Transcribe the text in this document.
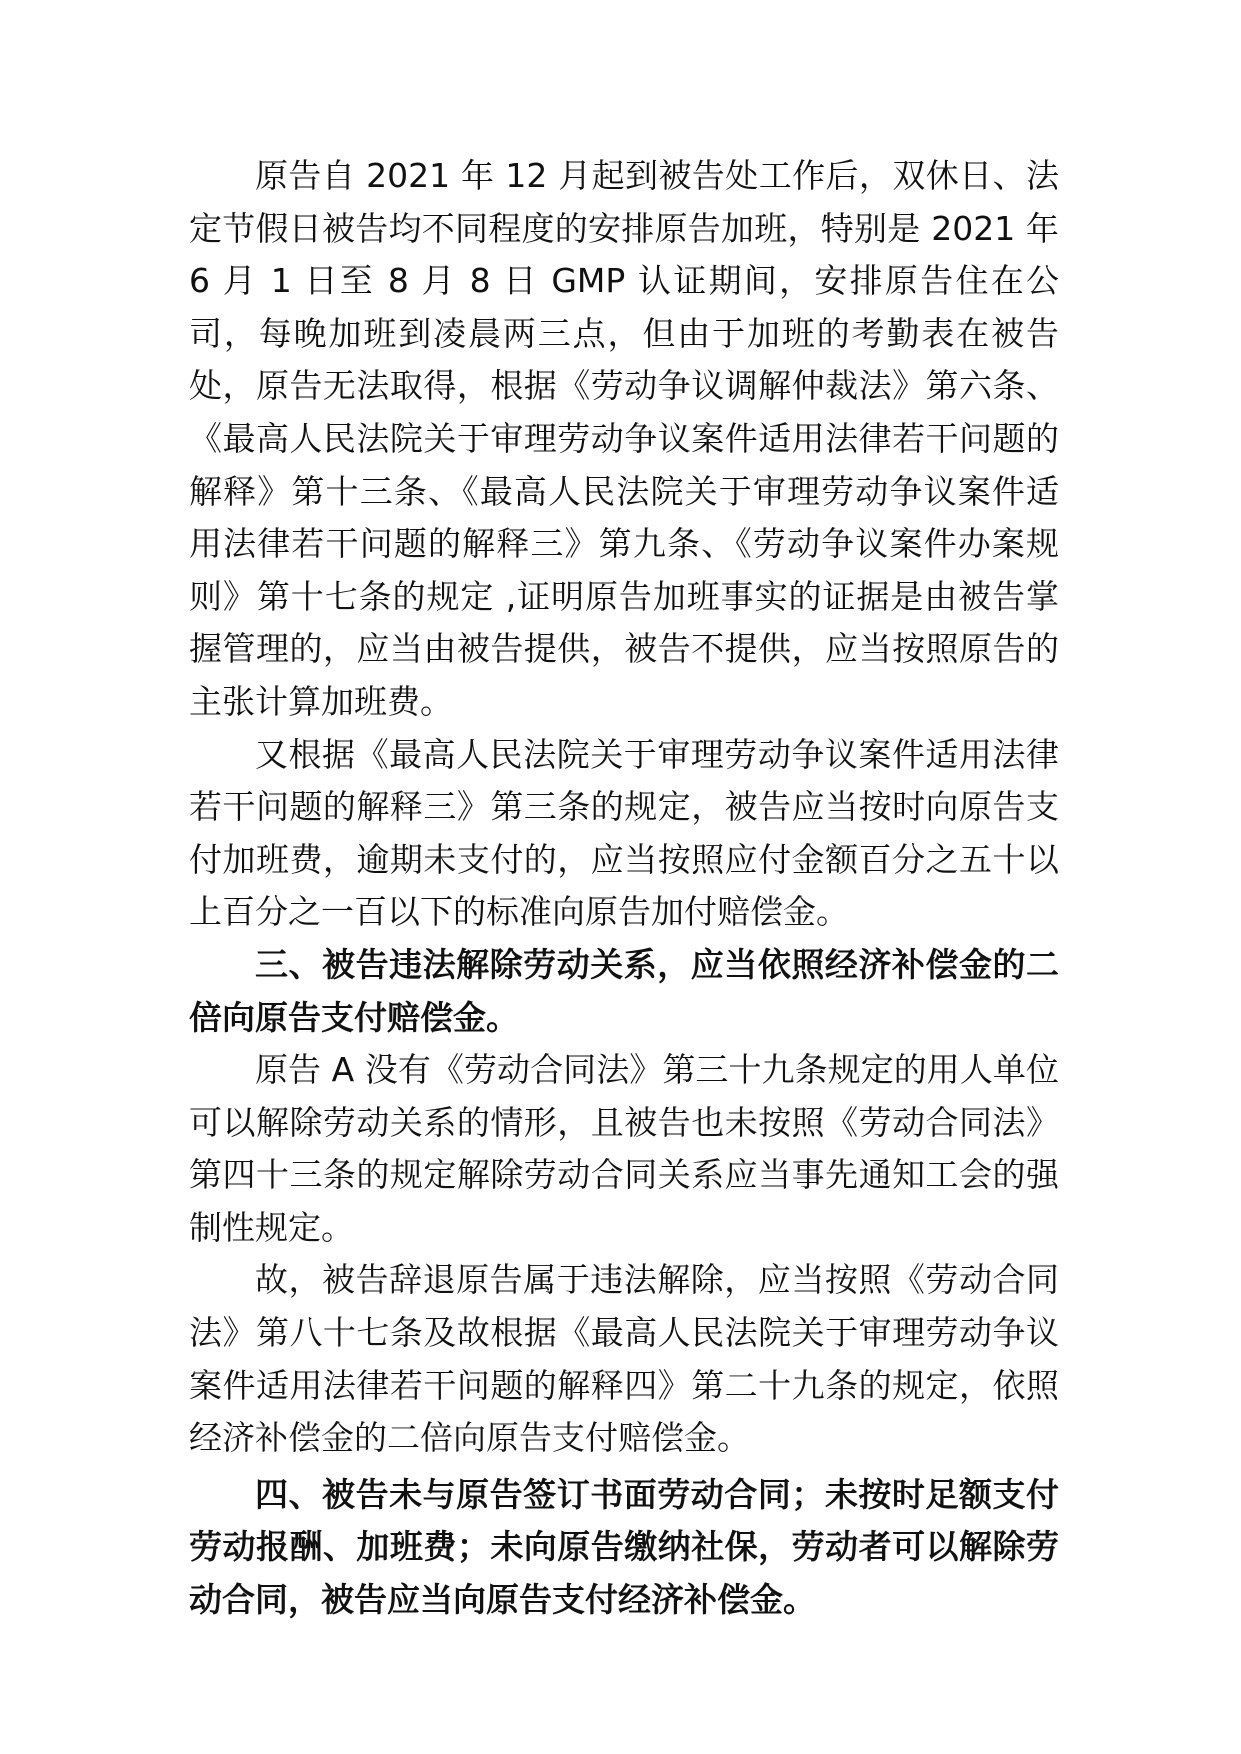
原告自 2021 年 12 月起到被告处工作后，双休日、法定节假日被告均不同程度的安排原告加班，特别是 2021 年 6 月 1 日至 8 月 8 日 GMP 认证期间，安排原告住在公司，每晚加班到凌晨两三点，但由于加班的考勤表在被告处，原告无法取得，根据《劳动争议调解仲裁法》第六条、《最高人民法院关于审理劳动争议案件适用法律若干问题的解释》第十三条、《最高人民法院关于审理劳动争议案件适用法律若干问题的解释三》第九条、《劳动争议案件办案规则》第十七条的规定 ,证明原告加班事实的证据是由被告掌握管理的，应当由被告提供，被告不提供，应当按照原告的主张计算加班费。

又根据《最高人民法院关于审理劳动争议案件适用法律若干问题的解释三》第三条的规定，被告应当按时向原告支付加班费，逾期未支付的，应当按照应付金额百分之五十以上百分之一百以下的标准向原告加付赔偿金。

三、被告违法解除劳动关系，应当依照经济补偿金的二倍向原告支付赔偿金。

原告 A 没有《劳动合同法》第三十九条规定的用人单位可以解除劳动关系的情形，且被告也未按照《劳动合同法》第四十三条的规定解除劳动合同关系应当事先通知工会的强制性规定。

故，被告辞退原告属于违法解除，应当按照《劳动合同法》第八十七条及故根据《最高人民法院关于审理劳动争议案件适用法律若干问题的解释四》第二十九条的规定，依照经济补偿金的二倍向原告支付赔偿金。

四、被告未与原告签订书面劳动合同；未按时足额支付劳动报酬、加班费；未向原告缴纳社保，劳动者可以解除劳动合同，被告应当向原告支付经济补偿金。
